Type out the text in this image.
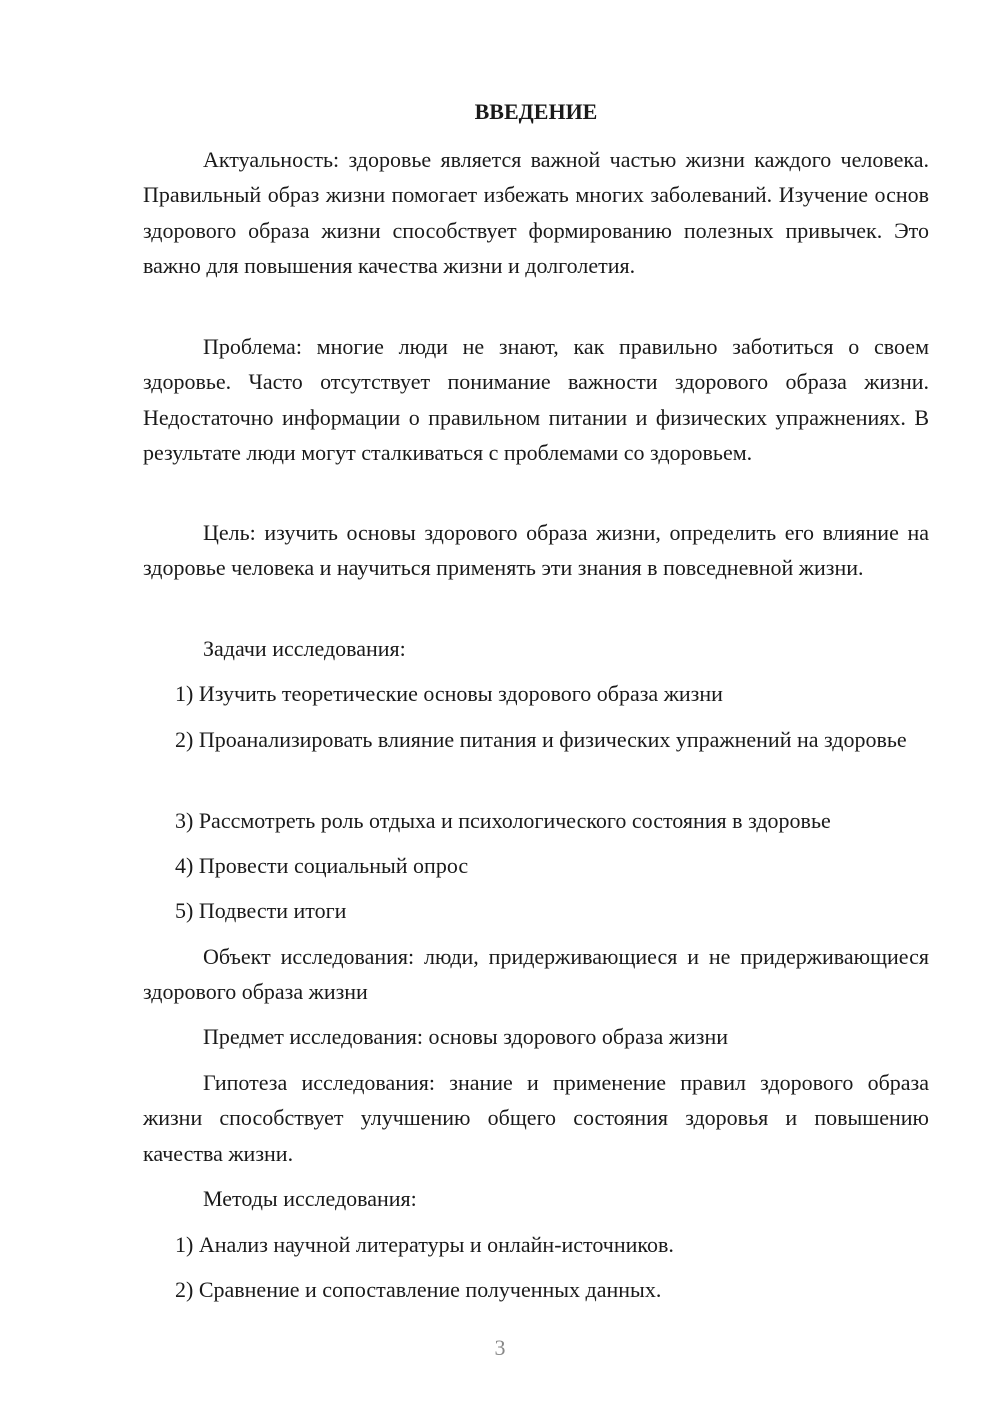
ВВЕДЕНИЕ

Актуальность: здоровье является важной частью жизни каждого человека. Правильный образ жизни помогает избежать многих заболеваний. Изучение основ здорового образа жизни способствует формированию полезных привычек. Это важно для повышения качества жизни и долголетия.

Проблема: многие люди не знают, как правильно заботиться о своем здоровье. Часто отсутствует понимание важности здорового образа жизни. Недостаточно информации о правильном питании и физических упражнениях. В результате люди могут сталкиваться с проблемами со здоровьем.

Цель: изучить основы здорового образа жизни, определить его влияние на здоровье человека и научиться применять эти знания в повседневной жизни.

Задачи исследования:

1) Изучить теоретические основы здорового образа жизни

2) Проанализировать влияние питания и физических упражнений на здоровье

3) Рассмотреть роль отдыха и психологического состояния в здоровье

4) Провести социальный опрос

5) Подвести итоги

Объект исследования: люди, придерживающиеся и не придерживающиеся здорового образа жизни

Предмет исследования: основы здорового образа жизни

Гипотеза исследования: знание и применение правил здорового образа жизни способствует улучшению общего состояния здоровья и повышению качества жизни.

Методы исследования:

1) Анализ научной литературы и онлайн-источников.

2) Сравнение и сопоставление полученных данных.

3
